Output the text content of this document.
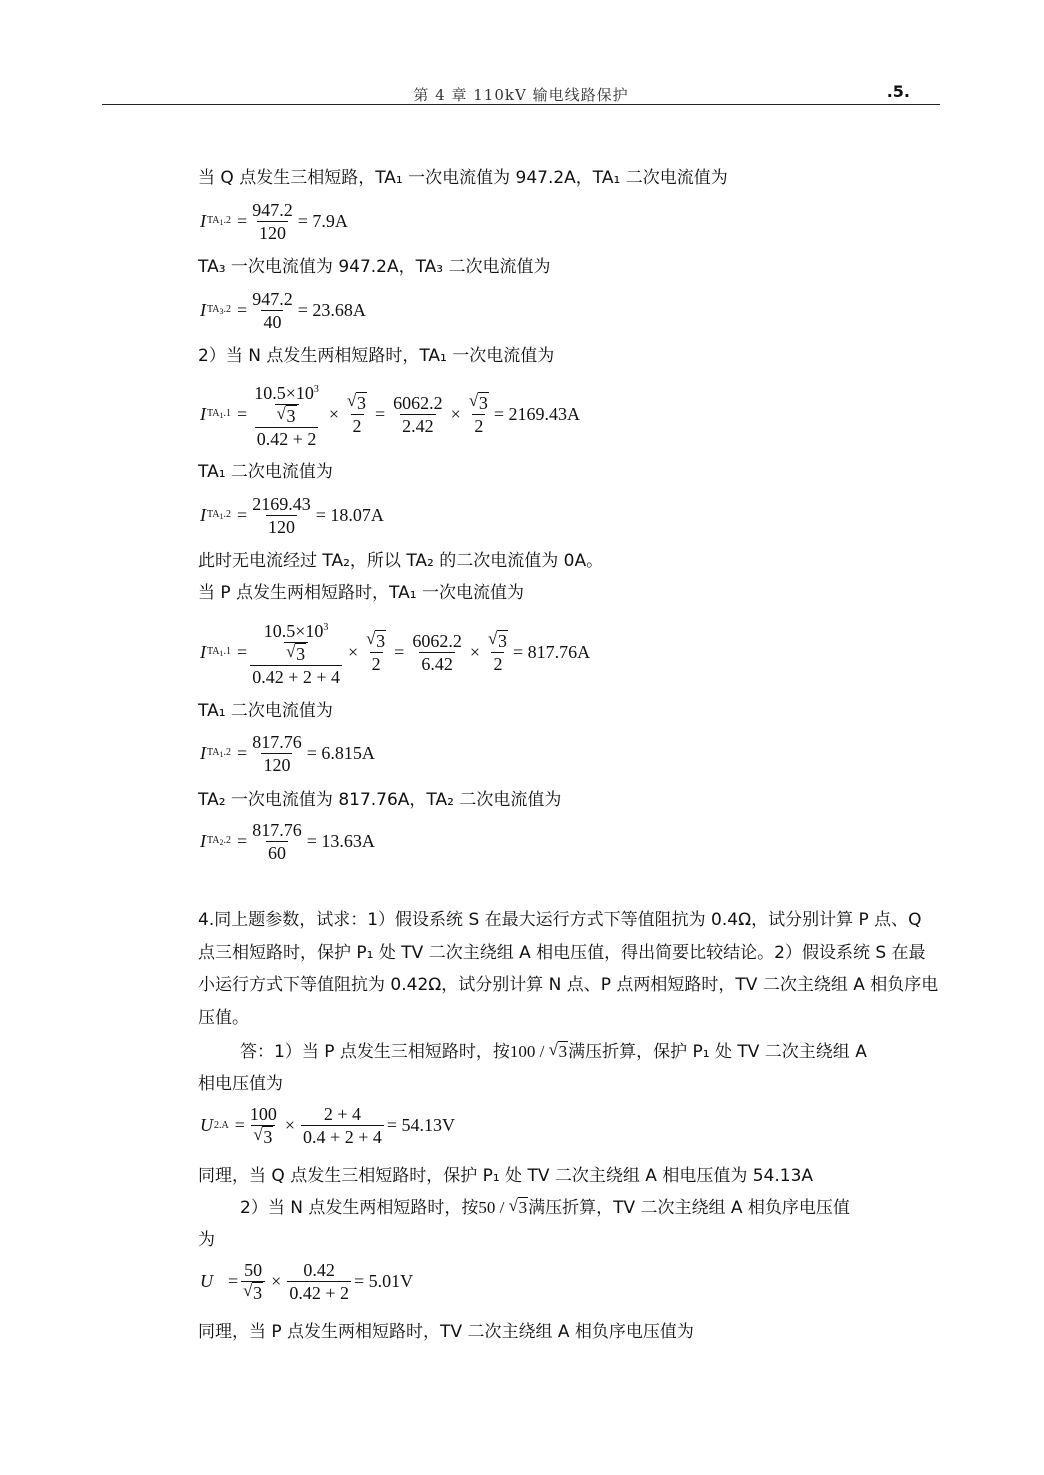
第 4 章 110kV 输电线路保护	.5.
当 Q 点发生三相短路，TA₁ 一次电流值为 947.2A，TA₁ 二次电流值为
I $TA_1.2 = \frac{947.2}{120} = 7.9A$
TA₃ 一次电流值为 947.2A，TA₃ 二次电流值为
I $TA_3.2 = \frac{947.2}{40} = 23.68A$
2）当 N 点发生两相短路时，TA₁ 一次电流值为
I $TA_1.1 = 10.5\times 10^3$
√ 3
0.42 + 2 × √ $\frac{3}{2} = \frac{6062.2}{2.42}$ × √ $\frac{3}{2} = 2169.43A$
TA₁ 二次电流值为
I $TA_1.2 = \frac{2169.43}{120} = 18.07A$
此时无电流经过 TA₂，所以 TA₂ 的二次电流值为 0A。
当 P 点发生两相短路时，TA₁ 一次电流值为
I $TA_1.1 = 10.5\times 10^3$
√ 3
0.42 + 2 + 4 × √ $\frac{3}{2} = \frac{6062.2}{6.42}$ × √ $\frac{3}{2} = 817.76A$
TA₁ 二次电流值为
I $TA_1.2 = \frac{817.76}{120} = 6.815A$
TA₂ 一次电流值为 817.76A，TA₂ 二次电流值为
I $TA_2.2 = \frac{817.76}{60} = 13.63A$
4.同上题参数，试求：1）假设系统 S 在最大运行方式下等值阻抗为 0.4Ω，试分别计算 P 点、Q 点三相短路时，保护 P₁ 处 TV 二次主绕组 A 相电压值，得出简要比较结论。2）假设系统 S 在最小运行方式下等值阻抗为 0.42Ω，试分别计算 N 点、P 点两相短路时，TV 二次主绕组 A 相负序电压值。
答：1）当 P 点发生三相短路时，按100 / √ 3满压折算，保护 P₁ 处 TV 二次主绕组 A
相电压值为
U 2.A = 100
√ $3 \times \frac{2 + 4}{0.4 + 2 + 4} = 54.13V$
同理，当 Q 点发生三相短路时，保护 P₁ 处 TV 二次主绕组 A 相电压值为 54.13A
2）当 N 点发生两相短路时，按50 / √ 3满压折算，TV 二次主绕组 A 相负序电压值
为
U = 50
√ $3 \times \frac{0.42}{0.42 + 2} = 5.01V$
同理，当 P 点发生两相短路时，TV 二次主绕组 A 相负序电压值为
